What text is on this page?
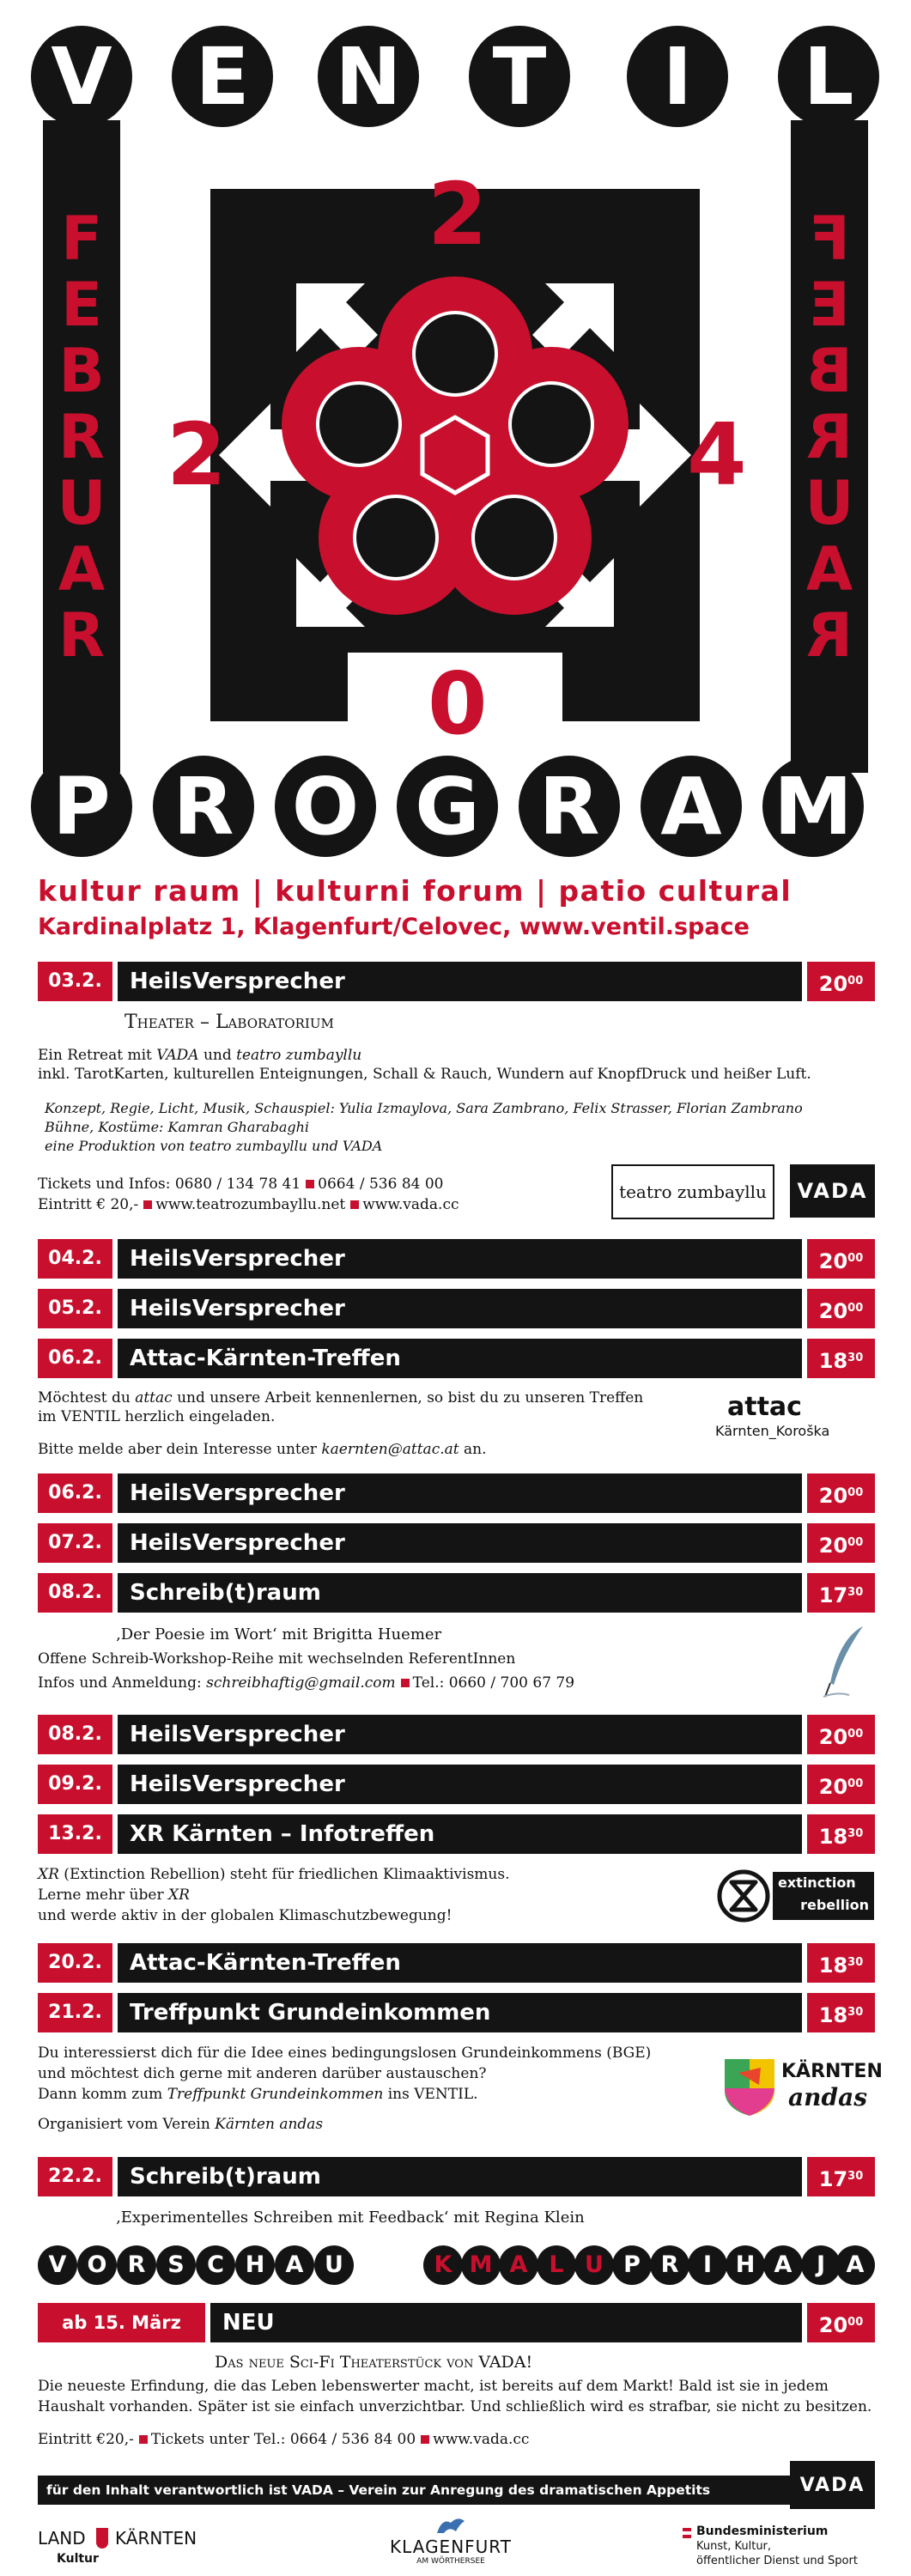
V E N	T	I	L
F
E
B
R
U
A
R
F
E
B
R
U
A
R
2
2	4
0
P R O G R A M
kultur raum | kulturni forum | patio cultural
Kardinalplatz 1, Klagenfurt/Celovec, www.ventil.space
03.2.	HeilsVersprecher	$20^{00}$
Theater – Laboratorium
Ein Retreat mit VADA und teatro zumbayllu
inkl. TarotKarten, kulturellen Enteignungen, Schall & Rauch, Wundern auf KnopfDruck und heißer Luft.
Konzept, Regie, Licht, Musik, Schauspiel: Yulia Izmaylova, Sara Zambrano, Felix Strasser, Florian Zambrano
Bühne, Kostüme: Kamran Gharabaghi
eine Produktion von teatro zumbayllu und VADA
Tickets und Infos: 0680 / 134 78 41 0664 / 536 84 00
Eintritt € 20,- www.teatrozumbayllu.net www.vada.cc
teatro zumbayllu	VADA
04.2.	HeilsVersprecher	$20^{00}$
05.2.	HeilsVersprecher	$20^{00}$
06.2.	Attac-Kärnten-Treffen	$18^{30}$
Möchtest du attac und unsere Arbeit kennenlernen, so bist du zu unseren Treffen
im VENTIL herzlich eingeladen.
Bitte melde aber dein Interesse unter kaernten@attac.at an.
attac
Kärnten_Koroška
06.2.	HeilsVersprecher	$20^{00}$
07.2.	HeilsVersprecher	$20^{00}$
08.2.	Schreib(t)raum	$17^{30}$
‚Der Poesie im Wort‘ mit Brigitta Huemer
Offene Schreib-Workshop-Reihe mit wechselnden ReferentInnen
Infos und Anmeldung: schreibhaftig@gmail.com Tel.: 0660 / 700 67 79
08.2.	HeilsVersprecher	$20^{00}$
09.2.	HeilsVersprecher	$20^{00}$
13.2.	XR Kärnten – Infotreffen	$18^{30}$
XR (Extinction Rebellion) steht für friedlichen Klimaaktivismus.
Lerne mehr über XR
und werde aktiv in der globalen Klimaschutzbewegung!
extinction
rebellion
20.2.	Attac-Kärnten-Treffen	$18^{30}$
21.2.	Treffpunkt Grundeinkommen	$18^{30}$
Du interessierst dich für die Idee eines bedingungslosen Grundeinkommens (BGE)
und möchtest dich gerne mit anderen darüber austauschen?
Dann komm zum Treffpunkt Grundeinkommen ins VENTIL.
Organisiert vom Verein Kärnten andas
KÄRNTEN
andas
22.2.	Schreib(t)raum	$17^{30}$
‚Experimentelles Schreiben mit Feedback‘ mit Regina Klein
V O R S C H A U	K M A L U P R	I	H A	J A
ab 15. März	NEU	$20^{00}$
Das neue Sci-Fi Theaterstück von VADA!
Die neueste Erfindung, die das Leben lebenswerter macht, ist bereits auf dem Markt! Bald ist sie in jedem
Haushalt vorhanden. Später ist sie einfach unverzichtbar. Und schließlich wird es strafbar, sie nicht zu besitzen.
Eintritt €20,- Tickets unter Tel.: 0664 / 536 84 00 www.vada.cc
für den Inhalt verantwortlich ist VADA – Verein zur Anregung des dramatischen Appetits	VADA
LAND KÄRNTEN
Kultur
KLAGENFURT
AM WÖRTHERSEE
Bundesministerium
Kunst, Kultur,
öffentlicher Dienst und Sport
